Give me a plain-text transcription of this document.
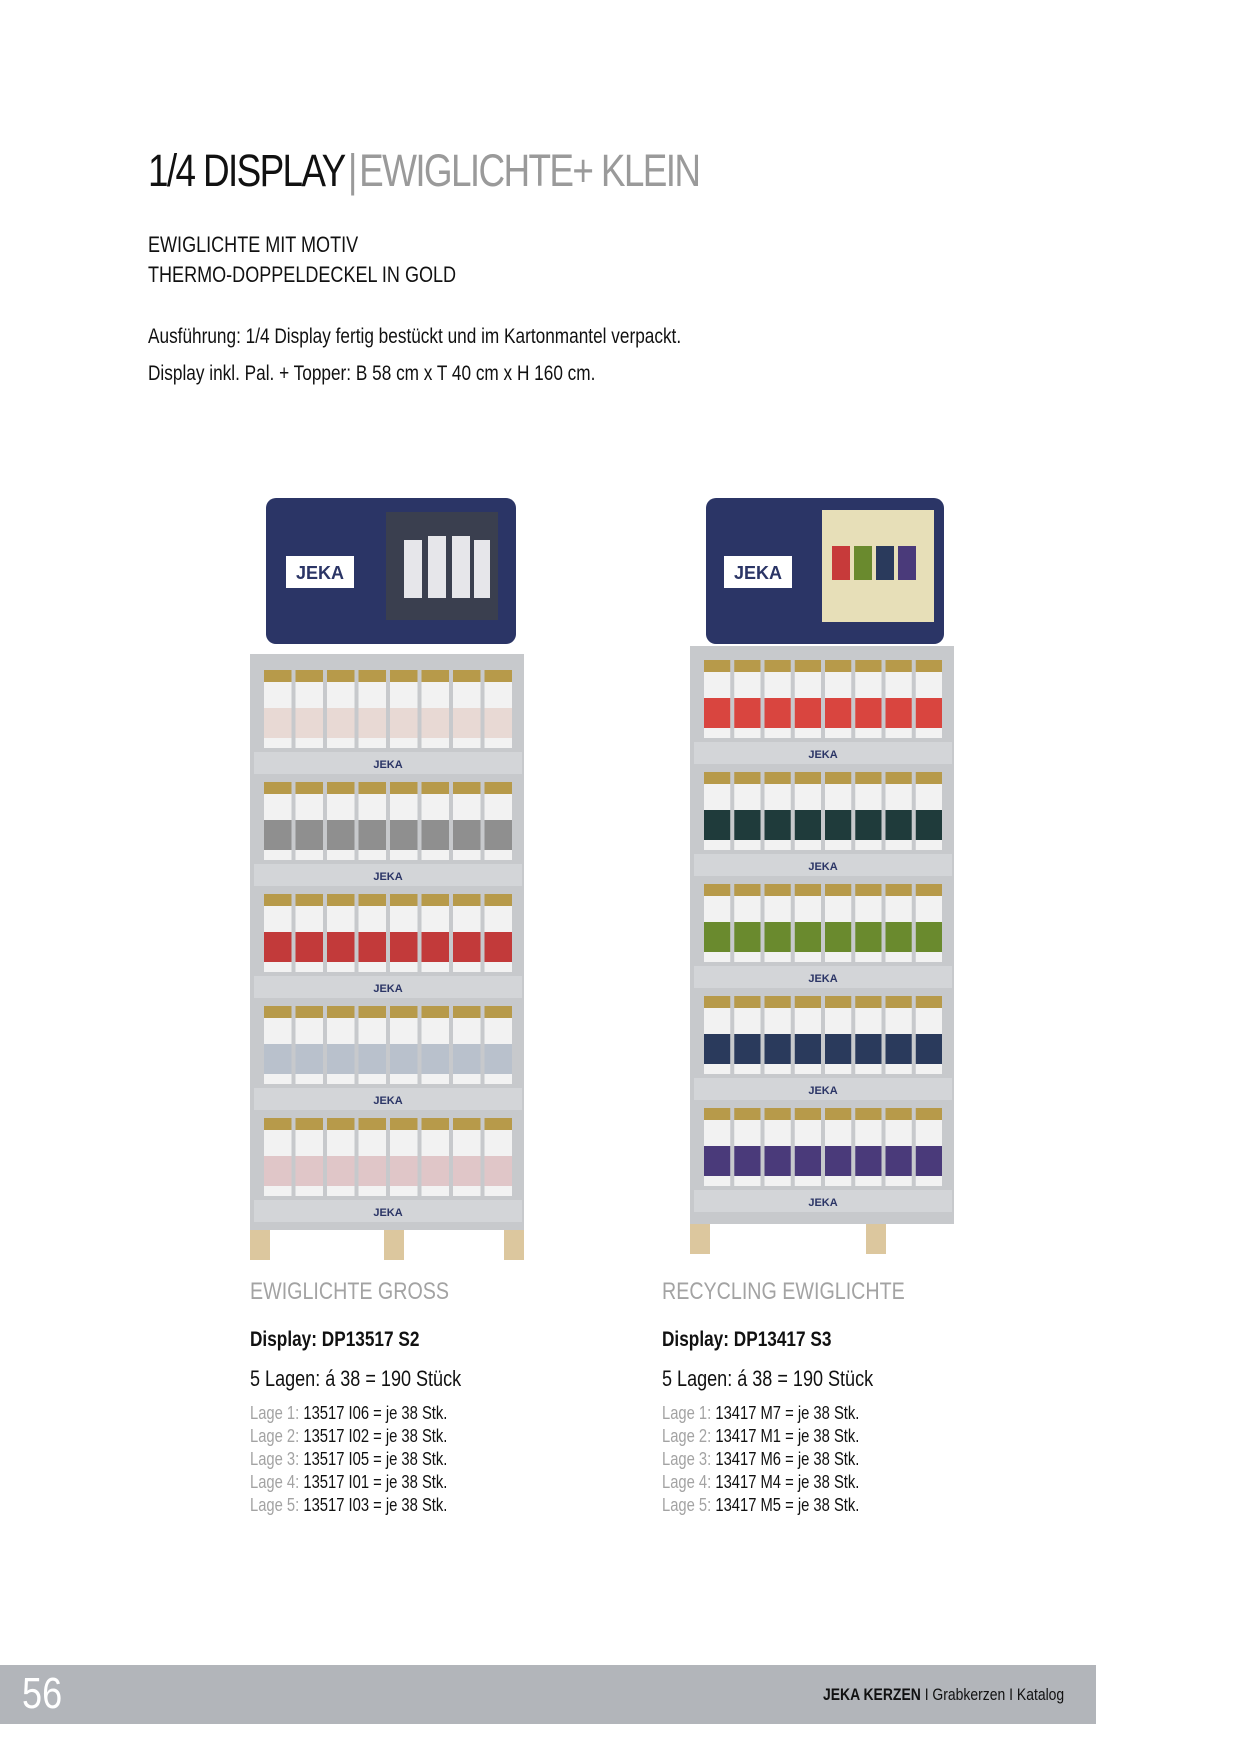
1/4 DISPLAY|EWIGLICHTE+ KLEIN
EWIGLICHTE MIT MOTIV
THERMO-DOPPELDECKEL IN GOLD
Ausführung: 1/4 Display fertig bestückt und im Kartonmantel verpackt.
Display inkl. Pal. + Topper: B 58 cm x T 40 cm x H 160 cm.
JEKA
JEKA
JEKA
JEKA
JEKA
JEKA
JEKA
JEKA
JEKA
JEKA
JEKA
JEKA
EWIGLICHTE GROSS
Display: DP13517 S2
5 Lagen: á 38 = 190 Stück
Lage 1: 13517 I06 = je 38 Stk.
Lage 2: 13517 I02 = je 38 Stk.
Lage 3: 13517 I05 = je 38 Stk.
Lage 4: 13517 I01 = je 38 Stk.
Lage 5: 13517 I03 = je 38 Stk.
RECYCLING EWIGLICHTE
Display: DP13417 S3
5 Lagen: á 38 = 190 Stück
Lage 1: 13417 M7 = je 38 Stk.
Lage 2: 13417 M1 = je 38 Stk.
Lage 3: 13417 M6 = je 38 Stk.
Lage 4: 13417 M4 = je 38 Stk.
Lage 5: 13417 M5 = je 38 Stk.
56	JEKA KERZEN I Grabkerzen I Katalog
